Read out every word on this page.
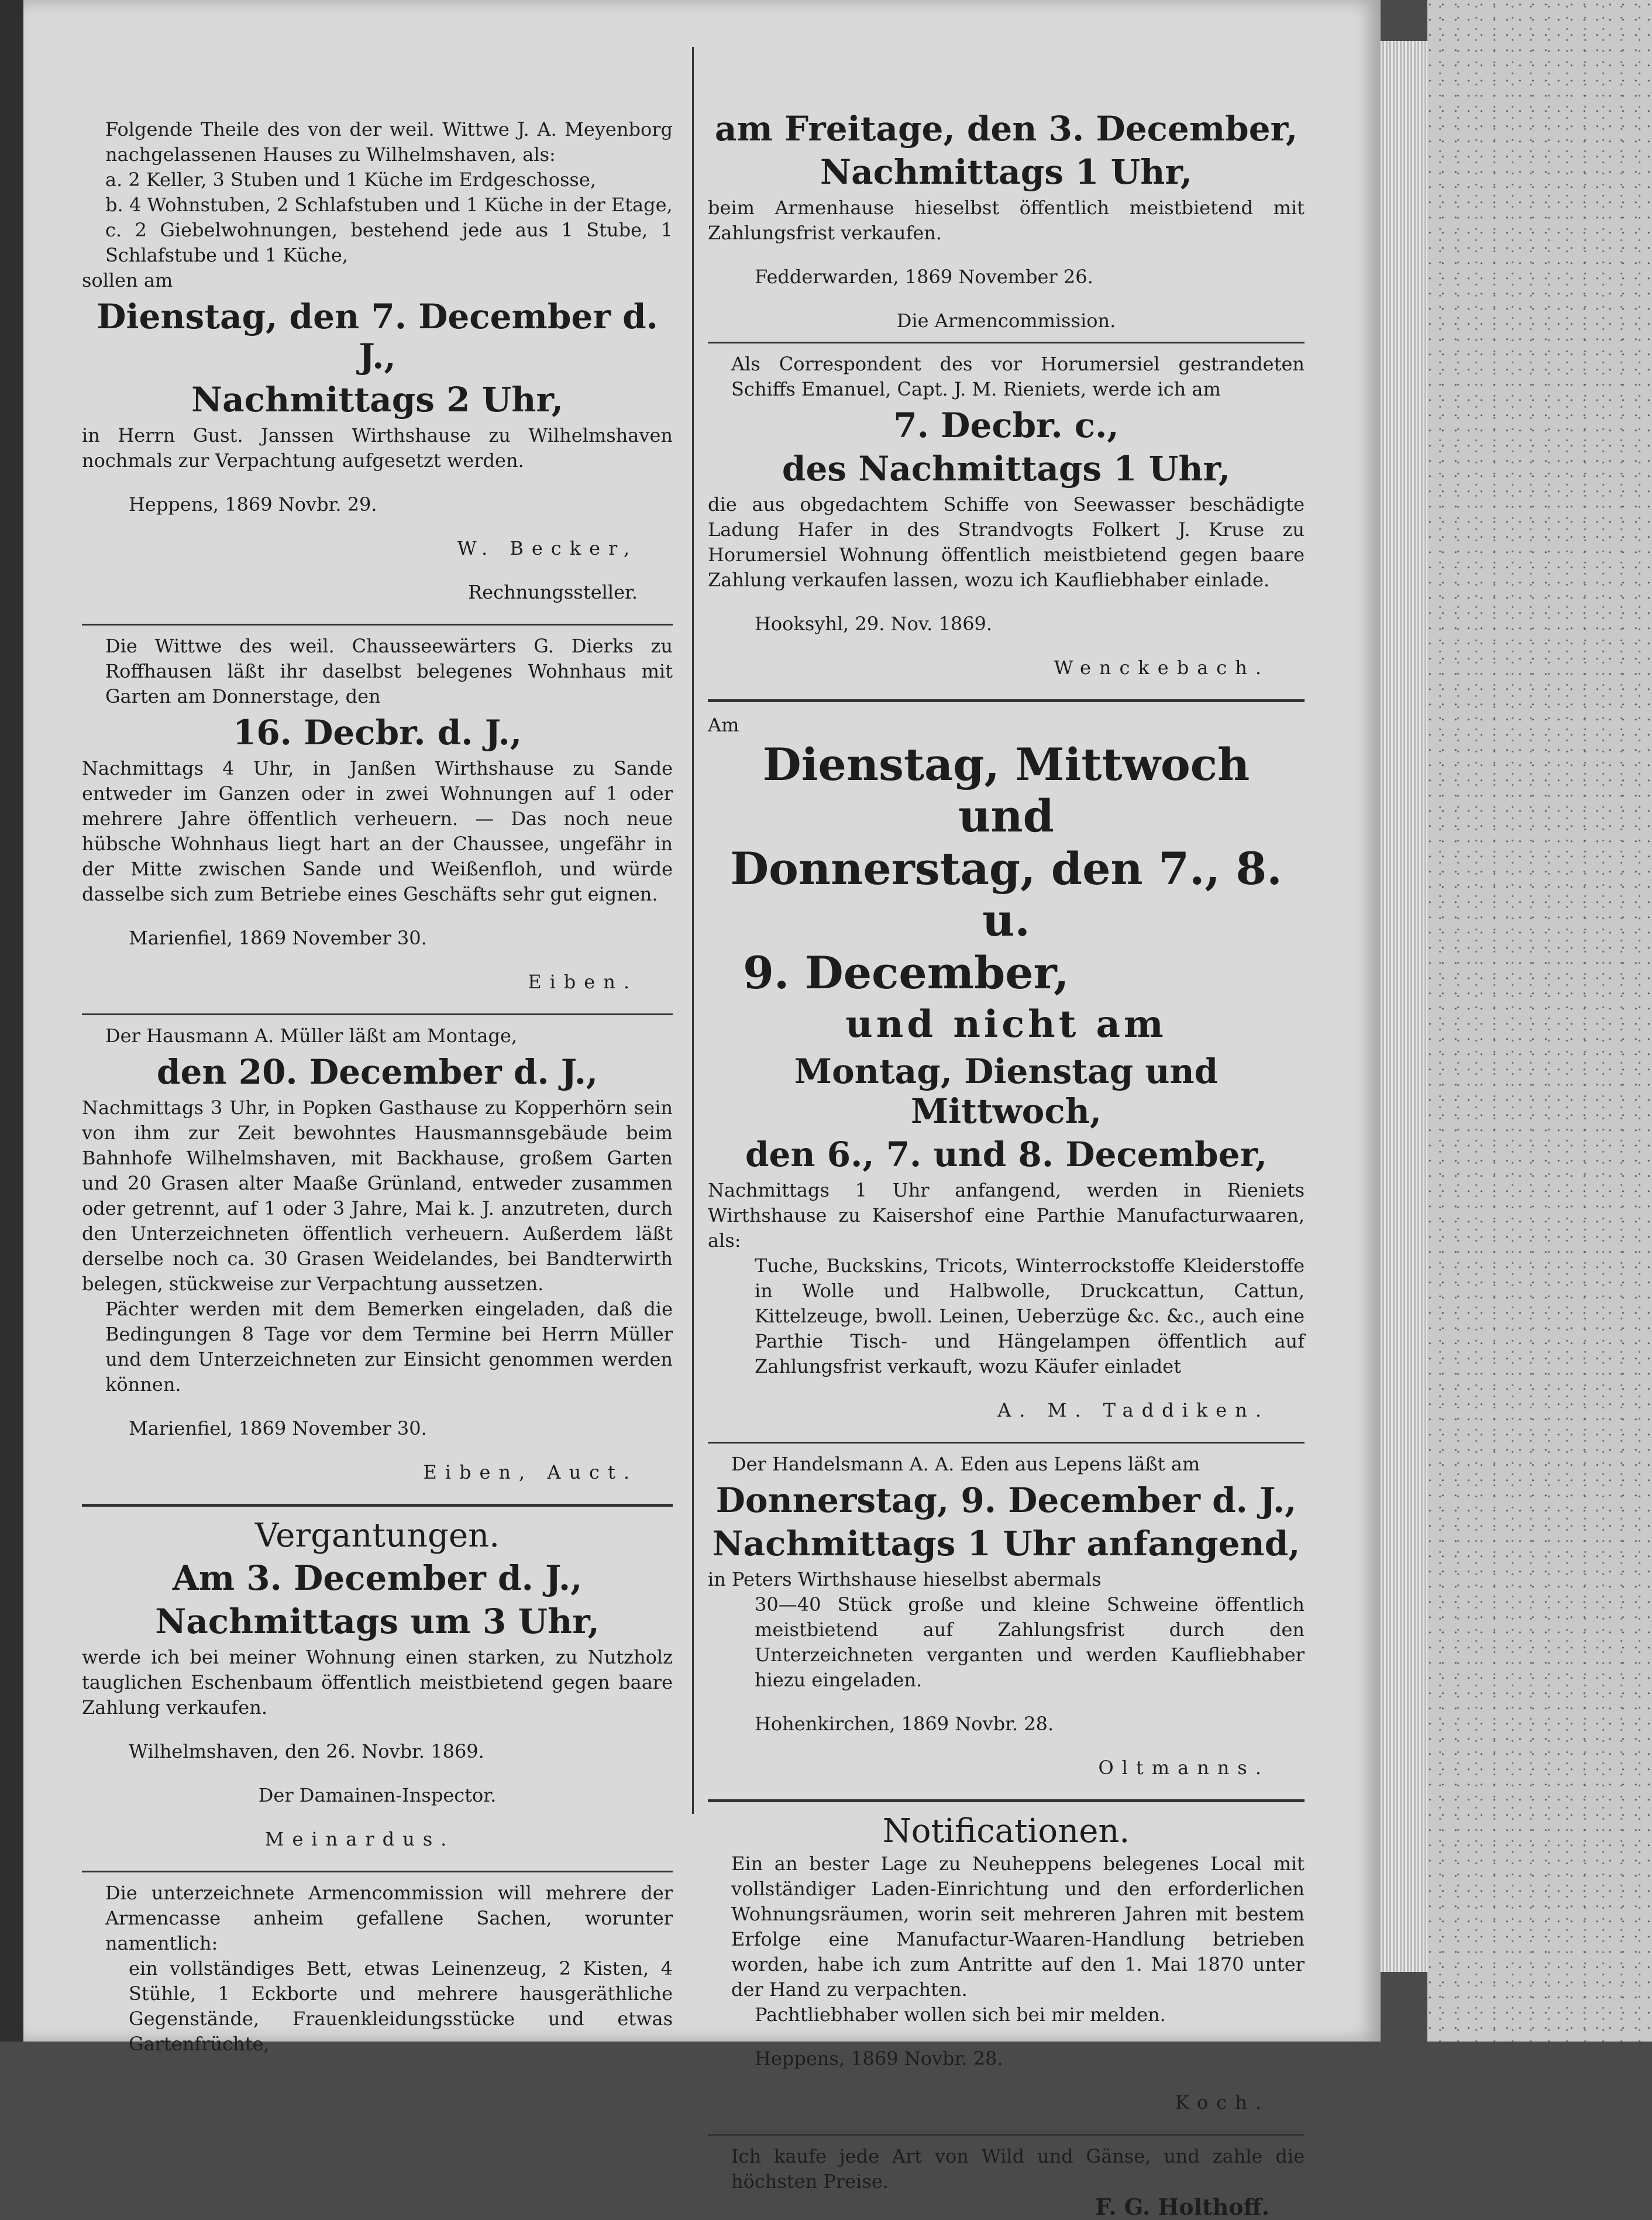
Folgende Theile des von der weil. Wittwe J. A. Meyenborg nachgelassenen Hauses zu Wilhelmshaven, als:

a. 2 Keller, 3 Stuben und 1 Küche im Erdgeschosse,

b. 4 Wohnstuben, 2 Schlafstuben und 1 Küche in der Etage,

c. 2 Giebelwohnungen, bestehend jede aus 1 Stube, 1 Schlafstube und 1 Küche,

sollen am

Dienstag, den 7. December d. J.,
Nachmittags 2 Uhr,

in Herrn Gust. Janssen Wirthshause zu Wilhelmshaven nochmals zur Verpachtung aufgesetzt werden.

Heppens, 1869 Novbr. 29.

W. Becker,

Rechnungssteller.

Die Wittwe des weil. Chausseewärters G. Dierks zu Roffhausen läßt ihr daselbst belegenes Wohnhaus mit Garten am Donnerstage, den

16. Decbr. d. J.,

Nachmittags 4 Uhr, in Janßen Wirthshause zu Sande entweder im Ganzen oder in zwei Wohnungen auf 1 oder mehrere Jahre öffentlich verheuern. — Das noch neue hübsche Wohnhaus liegt hart an der Chaussee, ungefähr in der Mitte zwischen Sande und Weißenfloh, und würde dasselbe sich zum Betriebe eines Geschäfts sehr gut eignen.

Marienfiel, 1869 November 30.

Eiben.

Der Hausmann A. Müller läßt am Montage,

den 20. December d. J.,

Nachmittags 3 Uhr, in Popken Gasthause zu Kopperhörn sein von ihm zur Zeit bewohntes Hausmannsgebäude beim Bahnhofe Wilhelmshaven, mit Backhause, großem Garten und 20 Grasen alter Maaße Grünland, entweder zusammen oder getrennt, auf 1 oder 3 Jahre, Mai k. J. anzutreten, durch den Unterzeichneten öffentlich verheuern. Außerdem läßt derselbe noch ca. 30 Grasen Weidelandes, bei Bandterwirth belegen, stückweise zur Verpachtung aussetzen.

Pächter werden mit dem Bemerken eingeladen, daß die Bedingungen 8 Tage vor dem Termine bei Herrn Müller und dem Unterzeichneten zur Einsicht genommen werden können.

Marienfiel, 1869 November 30.

Eiben, Auct.

Vergantungen.
Am 3. December d. J.,
Nachmittags um 3 Uhr,

werde ich bei meiner Wohnung einen starken, zu Nutzholz tauglichen Eschenbaum öffentlich meistbietend gegen baare Zahlung verkaufen.

Wilhelmshaven, den 26. Novbr. 1869.

Der Damainen-Inspector.

Meinardus.

Die unterzeichnete Armencommission will mehrere der Armencasse anheim gefallene Sachen, worunter namentlich:

ein vollständiges Bett, etwas Leinenzeug, 2 Kisten, 4 Stühle, 1 Eckborte und mehrere hausgeräthliche Gegenstände, Frauenkleidungsstücke und etwas Gartenfrüchte,

am Freitage, den 3. December,
Nachmittags 1 Uhr,

beim Armenhause hieselbst öffentlich meistbietend mit Zahlungsfrist verkaufen.

Fedderwarden, 1869 November 26.

Die Armencommission.

Als Correspondent des vor Horumersiel gestrandeten Schiffs Emanuel, Capt. J. M. Rieniets, werde ich am

7. Decbr. c.,
des Nachmittags 1 Uhr,

die aus obgedachtem Schiffe von Seewasser beschädigte Ladung Hafer in des Strandvogts Folkert J. Kruse zu Horumersiel Wohnung öffentlich meistbietend gegen baare Zahlung verkaufen lassen, wozu ich Kaufliebhaber einlade.

Hooksyhl, 29. Nov. 1869.

Wenckebach.

Am

Dienstag, Mittwoch und
Donnerstag, den 7., 8. u.
9. December,
und nicht am
Montag, Dienstag und Mittwoch,
den 6., 7. und 8. December,

Nachmittags 1 Uhr anfangend, werden in Rieniets Wirthshause zu Kaisershof eine Parthie Manufacturwaaren, als:

Tuche, Buckskins, Tricots, Winterrockstoffe Kleiderstoffe in Wolle und Halbwolle, Druckcattun, Cattun, Kittelzeuge, bwoll. Leinen, Ueberzüge &c. &c., auch eine Parthie Tisch- und Hängelampen öffentlich auf Zahlungsfrist verkauft, wozu Käufer einladet

A. M. Taddiken.

Der Handelsmann A. A. Eden aus Lepens läßt am

Donnerstag, 9. December d. J.,
Nachmittags 1 Uhr anfangend,

in Peters Wirthshause hieselbst abermals

30—40 Stück große und kleine Schweine öffentlich meistbietend auf Zahlungsfrist durch den Unterzeichneten verganten und werden Kaufliebhaber hiezu eingeladen.

Hohenkirchen, 1869 Novbr. 28.

Oltmanns.

Notificationen.

Ein an bester Lage zu Neuheppens belegenes Local mit vollständiger Laden-Einrichtung und den erforderlichen Wohnungsräumen, worin seit mehreren Jahren mit bestem Erfolge eine Manufactur-Waaren-Handlung betrieben worden, habe ich zum Antritte auf den 1. Mai 1870 unter der Hand zu verpachten.

Pachtliebhaber wollen sich bei mir melden.

Heppens, 1869 Novbr. 28.

Koch.

Ich kaufe jede Art von Wild und Gänse, und zahle die höchsten Preise.

F. G. Holthoff.
